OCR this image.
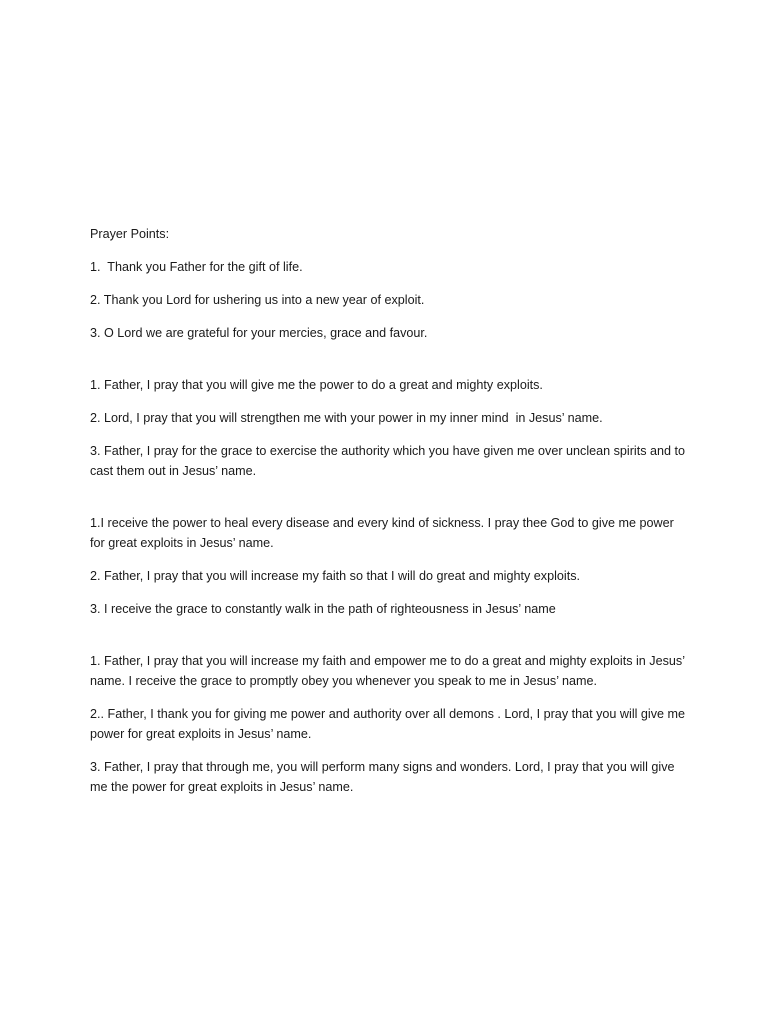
Prayer Points:

1.  Thank you Father for the gift of life.

2. Thank you Lord for ushering us into a new year of exploit.

3. O Lord we are grateful for your mercies, grace and favour.

1. Father, I pray that you will give me the power to do a great and mighty exploits.

2. Lord, I pray that you will strengthen me with your power in my inner mind  in Jesus’ name.

3. Father, I pray for the grace to exercise the authority which you have given me over unclean spirits and to cast them out in Jesus’ name.

1.I receive the power to heal every disease and every kind of sickness. I pray thee God to give me power for great exploits in Jesus’ name.

2. Father, I pray that you will increase my faith so that I will do great and mighty exploits.

3. I receive the grace to constantly walk in the path of righteousness in Jesus’ name

1. Father, I pray that you will increase my faith and empower me to do a great and mighty exploits in Jesus’ name. I receive the grace to promptly obey you whenever you speak to me in Jesus’ name.

2.. Father, I thank you for giving me power and authority over all demons . Lord, I pray that you will give me power for great exploits in Jesus’ name.

3. Father, I pray that through me, you will perform many signs and wonders. Lord, I pray that you will give me the power for great exploits in Jesus’ name.
